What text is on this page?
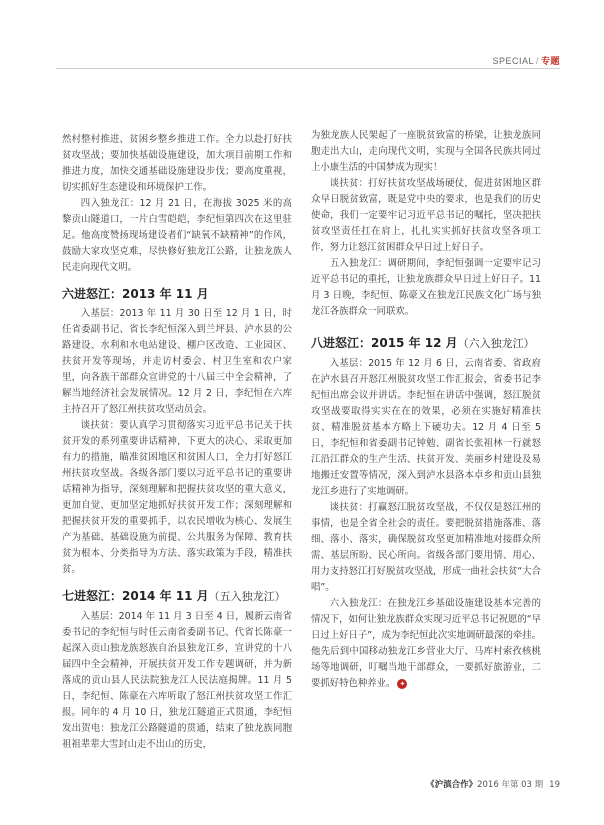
SPECIAL / 专题

然村整村推进、贫困乡整乡推进工作。全力以赴打好扶贫攻坚战；要加快基础设施建设，加大项目前期工作和推进力度，加快交通基础设施建设步伐；要高度重视，切实抓好生态建设和环境保护工作。

四入独龙江：12 月 21 日，在海拔 3025 米的高黎贡山隧道口，一片白雪皑皑，李纪恒第四次在这里驻足。他高度赞扬现场建设者们“缺氧不缺精神”的作风，鼓励大家攻坚克难，尽快修好独龙江公路，让独龙族人民走向现代文明。

六进怒江：2013 年 11 月

入基层：2013 年 11 月 30 日至 12 月 1 日，时任省委副书记、省长李纪恒深入到兰坪县、泸水县的公路建设、水利和水电站建设、棚户区改造、工业园区、扶贫开发等现场，并走访村委会、村卫生室和农户家里，向各族干部群众宣讲党的十八届三中全会精神，了解当地经济社会发展情况。12 月 2 日，李纪恒在六库主持召开了怒江州扶贫攻坚动员会。

谈扶贫：要认真学习贯彻落实习近平总书记关于扶贫开发的系列重要讲话精神，下更大的决心、采取更加有力的措施，瞄准贫困地区和贫困人口，全力打好怒江州扶贫攻坚战。各级各部门要以习近平总书记的重要讲话精神为指导，深刻理解和把握扶贫攻坚的重大意义，更加自觉、更加坚定地抓好扶贫开发工作；深刻理解和把握扶贫开发的重要抓手，以农民增收为核心、发展生产为基础、基础设施为前提、公共服务为保障、教育扶贫为根本、分类指导为方法、落实政策为手段，精准扶贫。

七进怒江：2014 年 11 月（五入独龙江）

入基层：2014 年 11 月 3 日至 4 日，履新云南省委书记的李纪恒与时任云南省委副书记、代省长陈豪一起深入贡山独龙族怒族自治县独龙江乡，宣讲党的十八届四中全会精神，开展扶贫开发工作专题调研，并为新落成的贡山县人民法院独龙江人民法庭揭牌。11 月 5 日，李纪恒、陈豪在六库听取了怒江州扶贫攻坚工作汇报。同年的 4 月 10 日，独龙江隧道正式贯通，李纪恒发出贺电：独龙江公路隧道的贯通，结束了独龙族同胞祖祖辈辈大雪封山走不出山的历史，

为独龙族人民架起了一座脱贫致富的桥梁，让独龙族同胞走出大山，走向现代文明，实现与全国各民族共同过上小康生活的中国梦成为现实！

谈扶贫：打好扶贫攻坚战场硬仗，促进贫困地区群众早日脱贫致富，既是党中央的要求，也是我们的历史使命，我们一定要牢记习近平总书记的嘱托，坚决把扶贫攻坚责任扛在肩上，扎扎实实抓好扶贫攻坚各项工作，努力让怒江贫困群众早日过上好日子。

五入独龙江：调研期间，李纪恒强调一定要牢记习近平总书记的重托，让独龙族群众早日过上好日子。11 月 3 日晚，李纪恒、陈豪又在独龙江民族文化广场与独龙江各族群众一同联欢。

八进怒江：2015 年 12 月（六入独龙江）

入基层：2015 年 12 月 6 日，云南省委、省政府在泸水县召开怒江州脱贫攻坚工作汇报会，省委书记李纪恒出席会议并讲话。李纪恒在讲话中强调，怒江脱贫攻坚战要取得实实在在的效果，必须在实施好精准扶贫、精准脱贫基本方略上下硬功夫。12 月 4 日至 5 日，李纪恒和省委副书记钟勉、副省长张祖林一行就怒江沿江群众的生产生活、扶贫开发、美丽乡村建设及易地搬迁安置等情况，深入到泸水县洛本卓乡和贡山县独龙江乡进行了实地调研。

谈扶贫：打赢怒江脱贫攻坚战，不仅仅是怒江州的事情，也是全省全社会的责任。要把脱贫措施落准、落细、落小、落实，确保脱贫攻坚更加精准地对接群众所需、基层所盼、民心所向。省级各部门要用情、用心、用力支持怒江打好脱贫攻坚战，形成一曲社会扶贫“大合唱”。

六入独龙江：在独龙江乡基础设施建设基本完善的情况下，如何让独龙族群众实现习近平总书记祝愿的“早日过上好日子”，成为李纪恒此次实地调研最深的牵挂。他先后到中国移动独龙江乡营业大厅、马库村索孜核桃场等地调研，叮嘱当地干部群众，一要抓好旅游业，二要抓好特色种养业。 ✦

《沪滇合作》2016 年第 03 期 19
